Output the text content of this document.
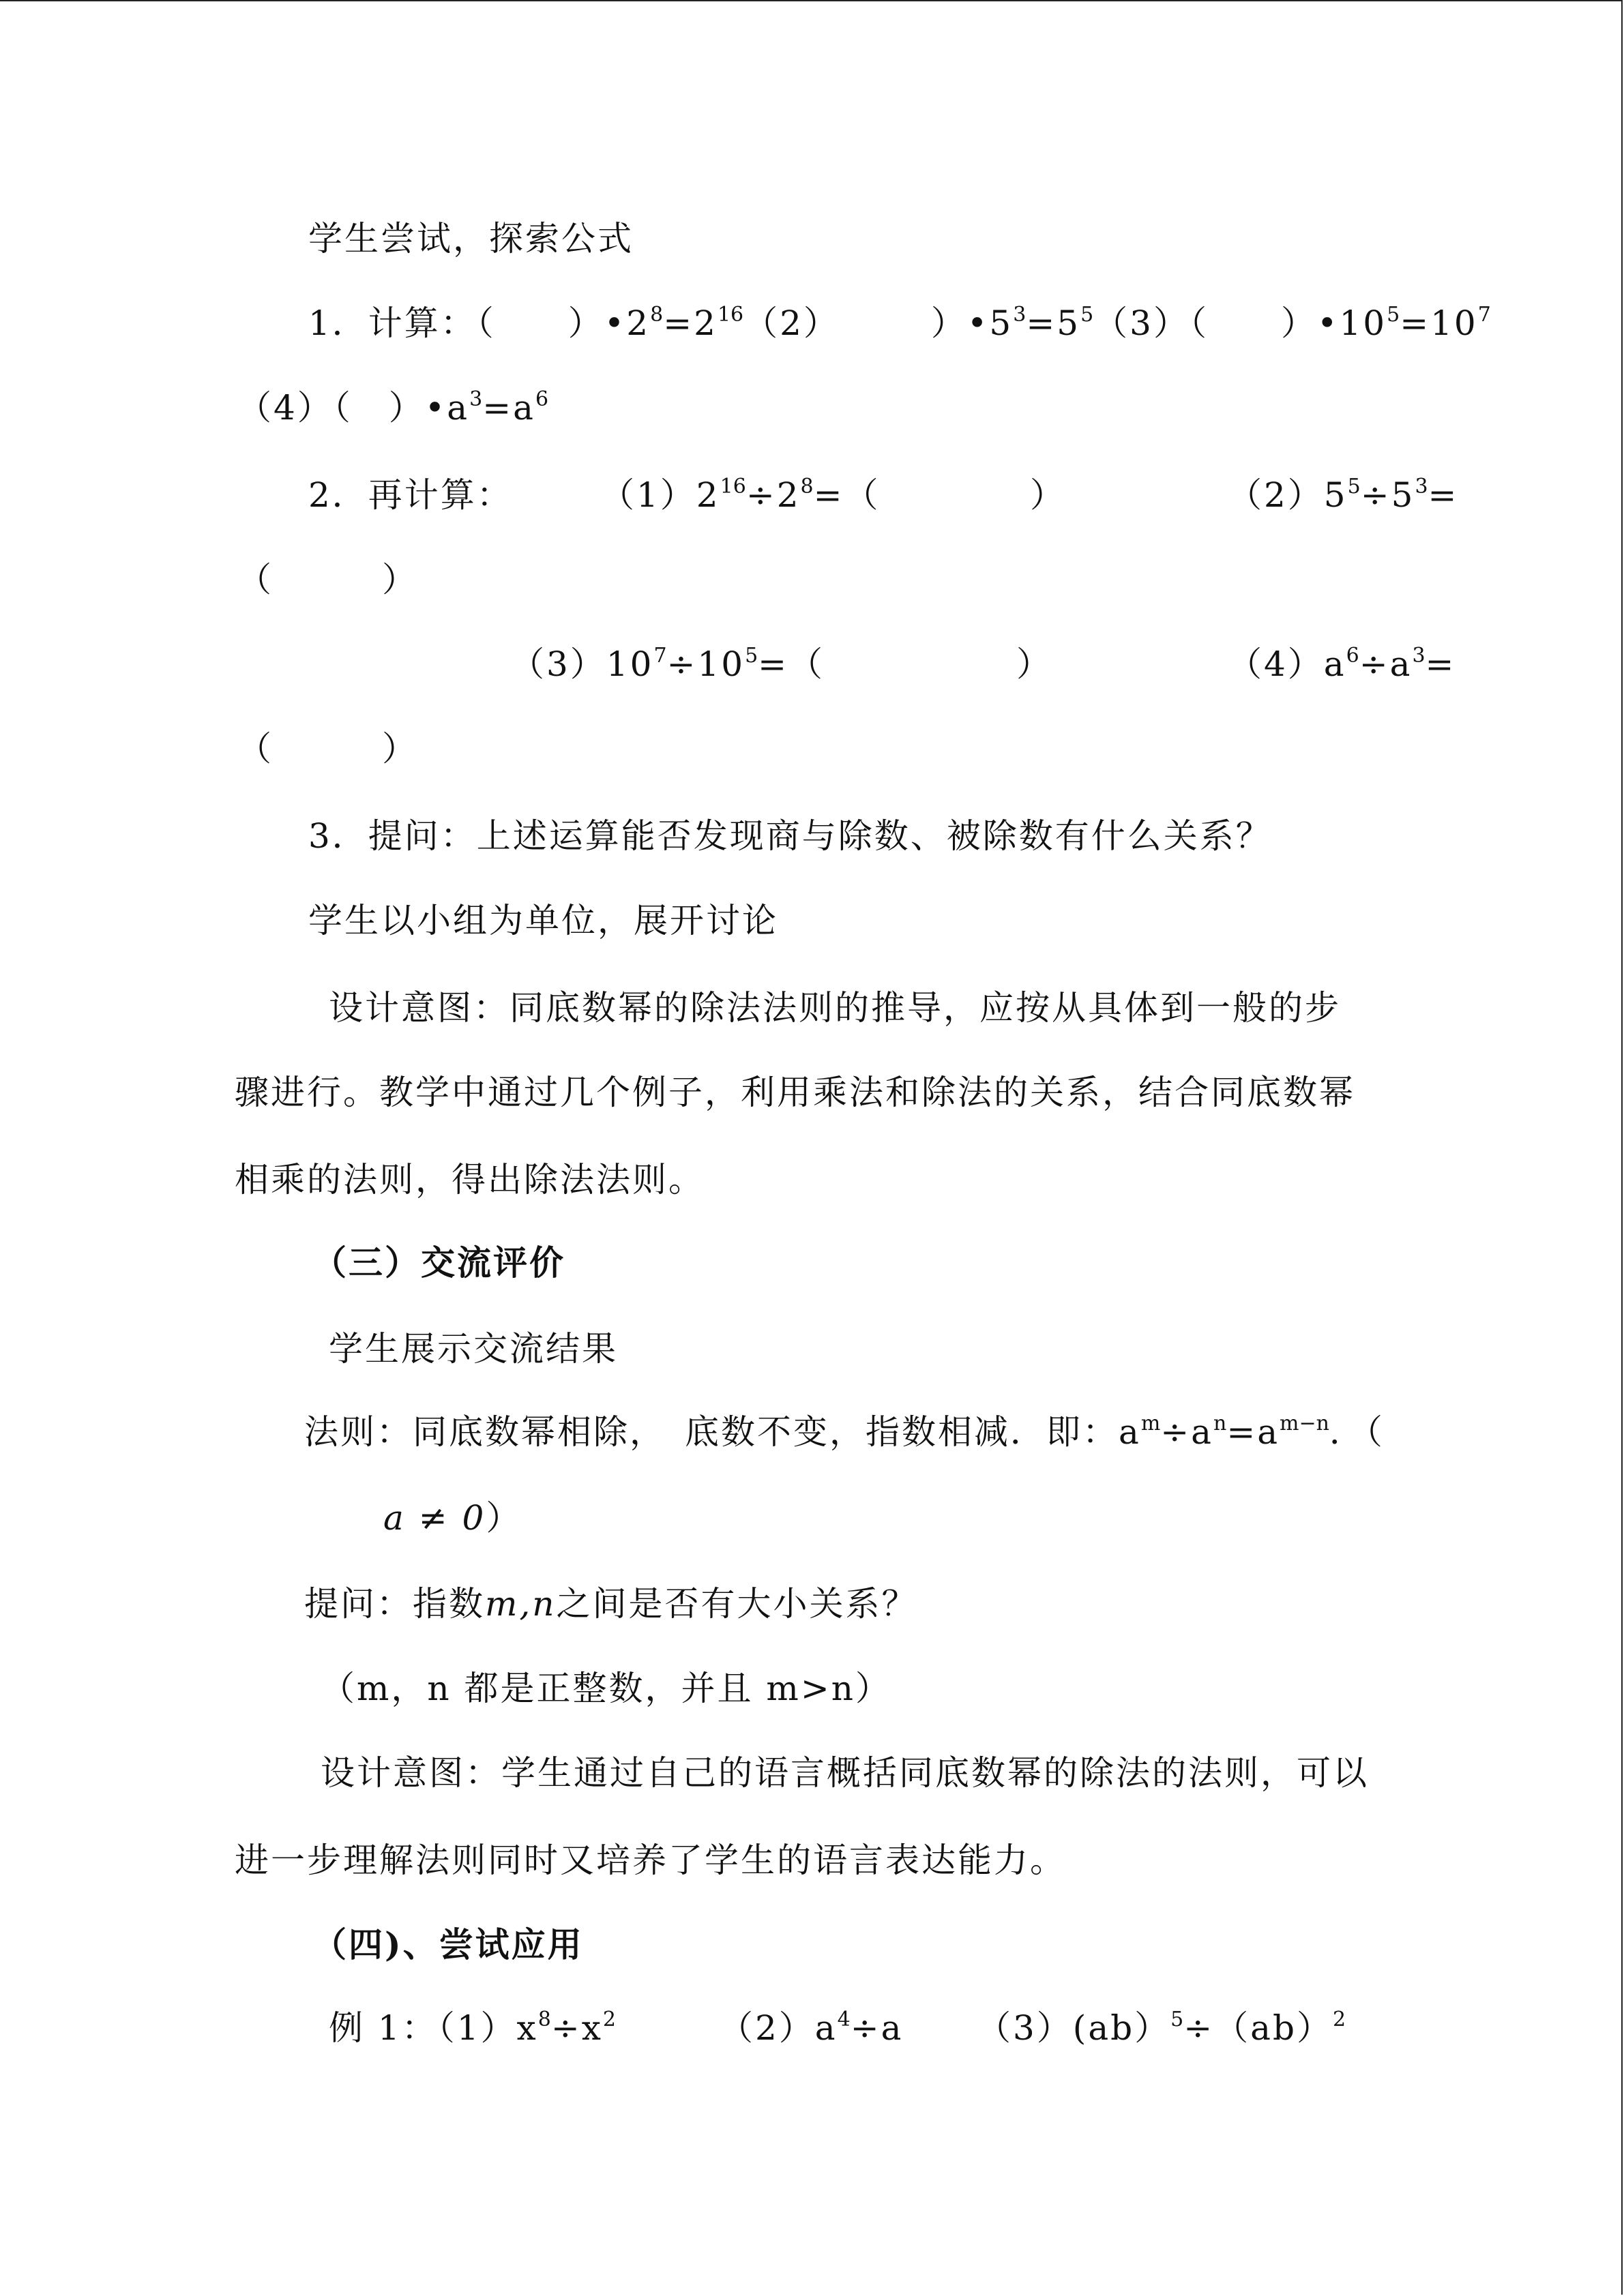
学生尝试，探索公式
1．计算：（　　）$•2^8=2^{16}(2)$　　　）$•5^3=5^5(3)$（　　）$•10^5=10^7$
（4）（　）$•a^3=a^6$
2．再计算：	$(1)2^{16}\div 2^8=$（	）	$(2)5^5\div 5^3=$
（　　　）
$(3)10^7\div 10^5=$（	）	$(4)a^6\div a^3=$
（　　　）
3．提问：上述运算能否发现商与除数、被除数有什么关系？
学生以小组为单位，展开讨论
设计意图：同底数幂的除法法则的推导，应按从具体到一般的步
骤进行。教学中通过几个例子，利用乘法和除法的关系，结合同底数幂
相乘的法则，得出除法法则。
（三）交流评价
学生展示交流结果
法则：同底数幂相除，　底数不变，指数相减．即：$a^m\div a^n=a^{m-n}$．（
a ≠ 0）
提问：指数m,n之间是否有大小关系？
（m，n 都是正整数，并且 m>n）
设计意图：学生通过自己的语言概括同底数幂的除法的法则，可以
进一步理解法则同时又培养了学生的语言表达能力。
（四)、尝试应用
例 1：$(1)x^8\div x^2$	$(2)a^4\div a$ （3）(ab）$^5$÷（ab）$^2$
